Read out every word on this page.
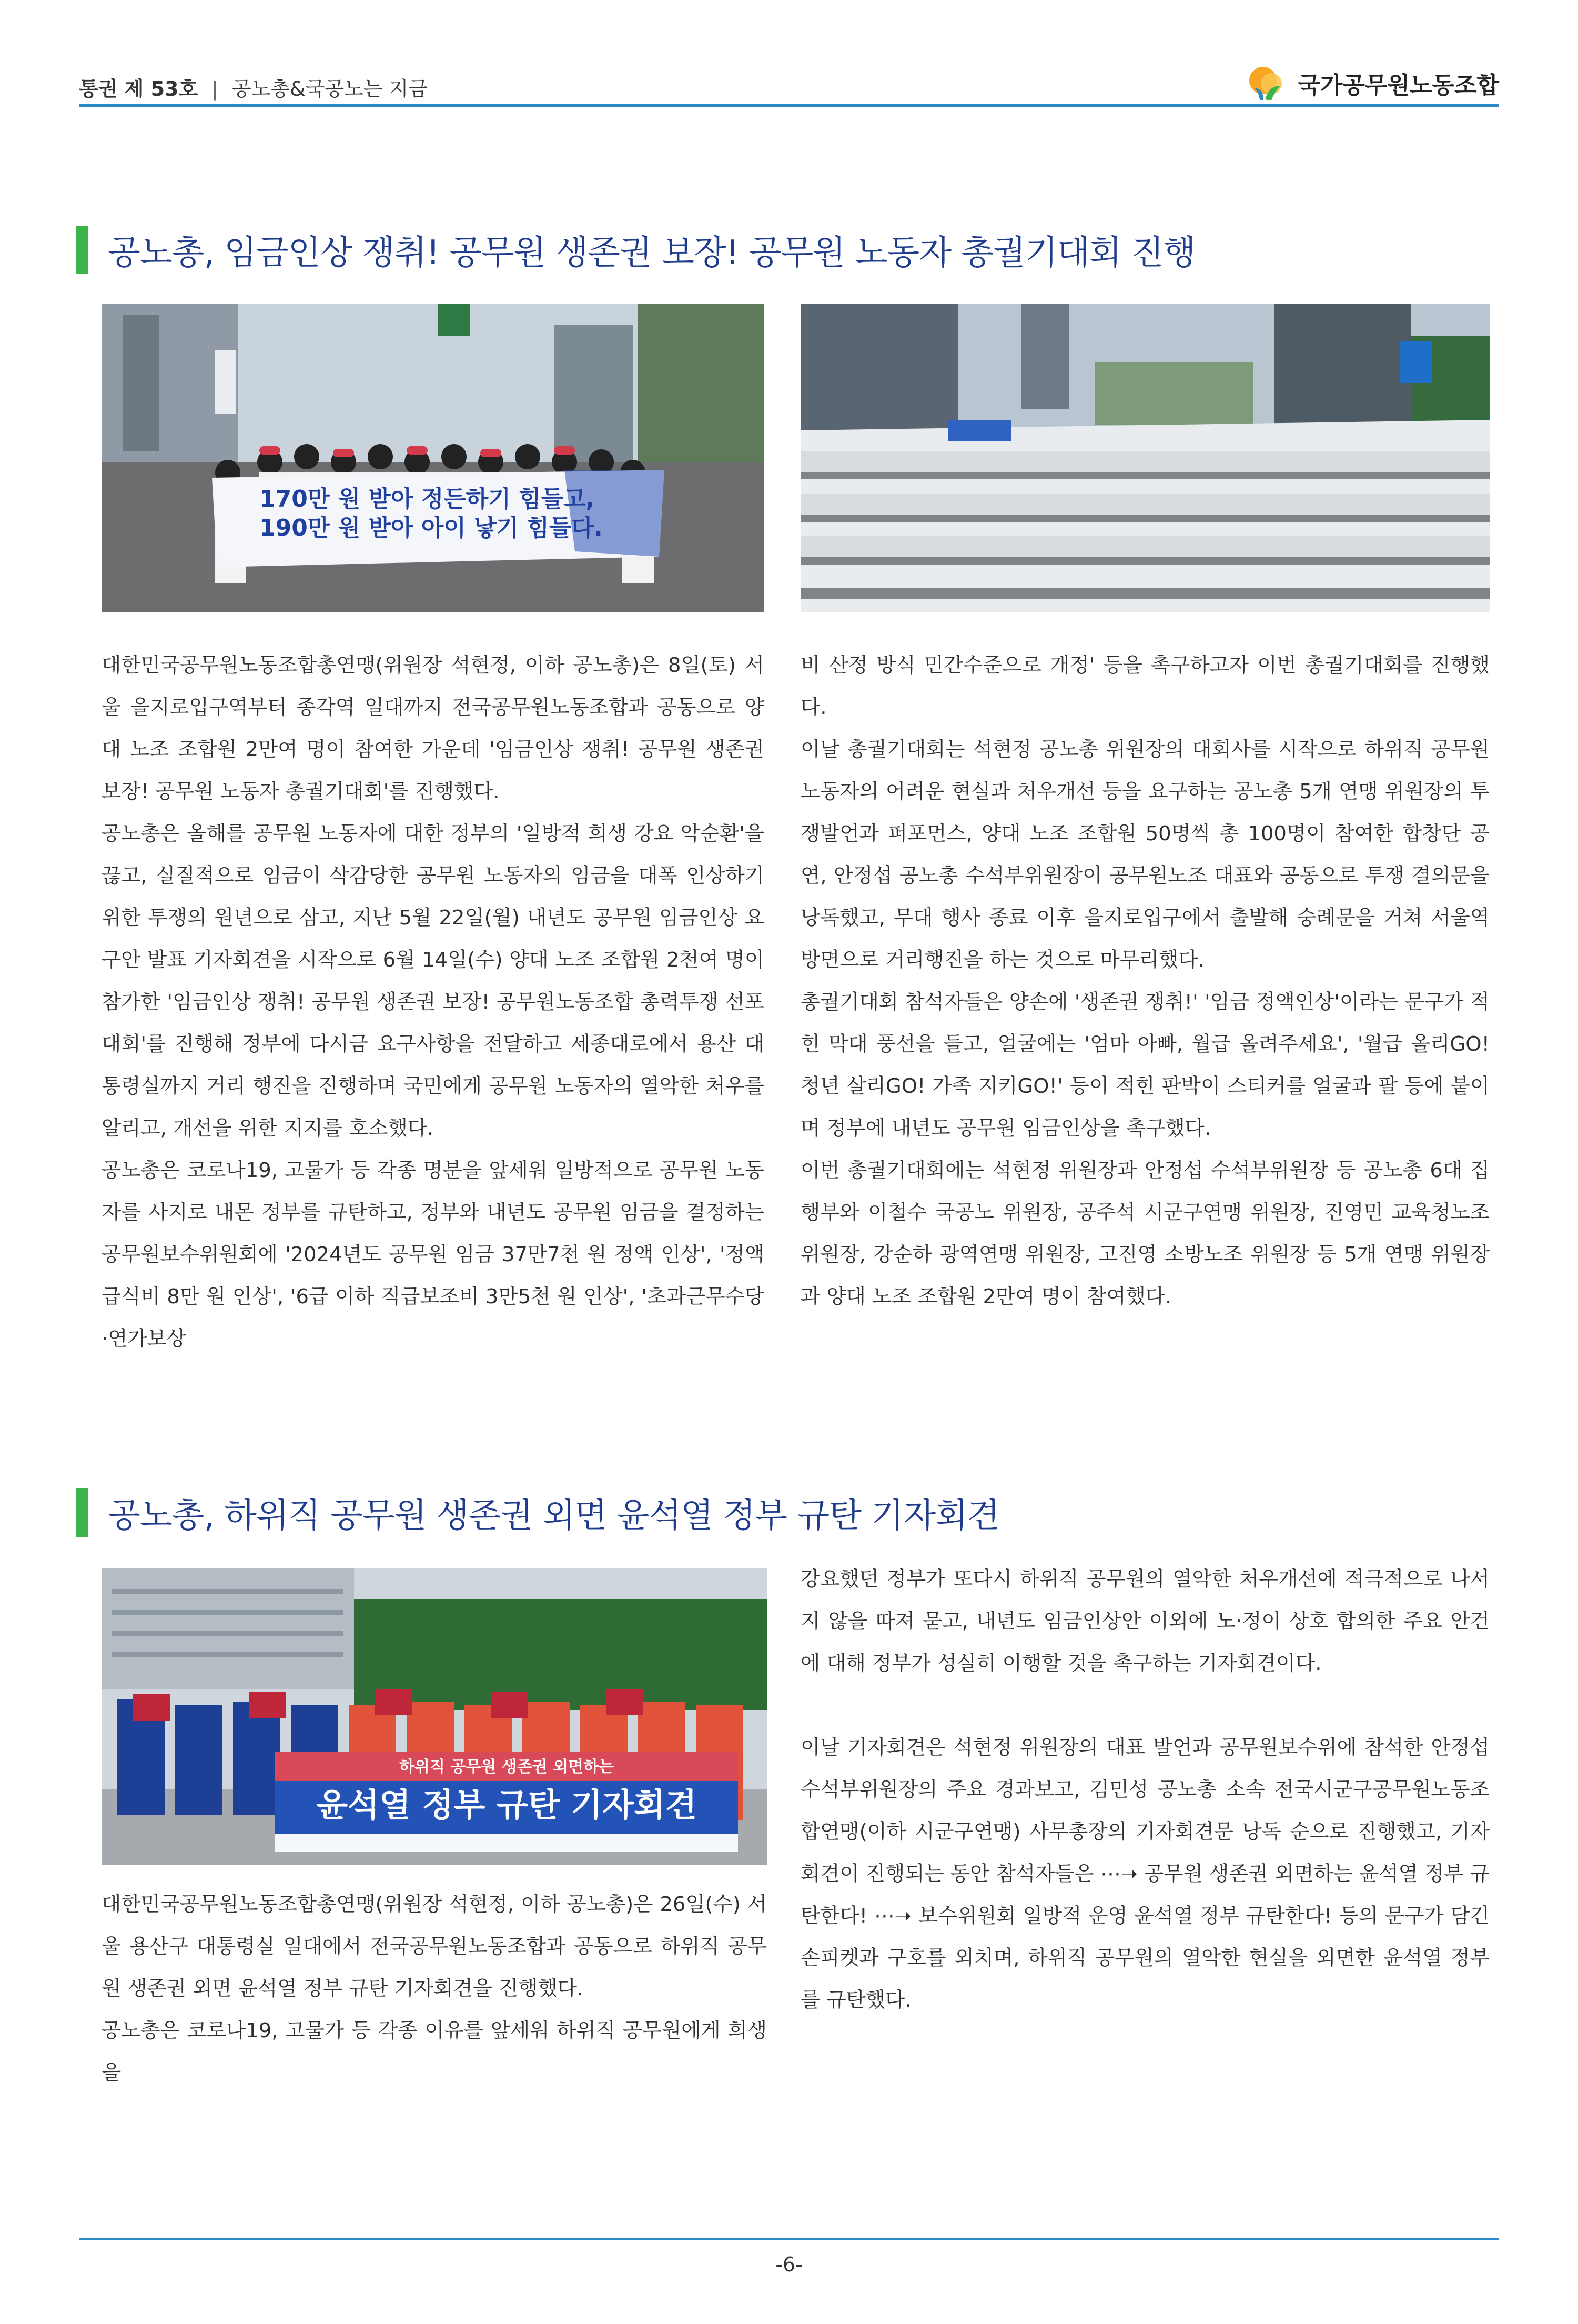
통권 제 53호 | 공노총&국공노는 지금	국가공무원노동조합
공노총, 임금인상 쟁취! 공무원 생존권 보장! 공무원 노동자 총궐기대회 진행
170만 원 받아 정든하기 힘들고,
190만 원 받아 아이 낳기 힘들다.

대한민국공무원노동조합총연맹(위원장 석현정, 이하 공노총)은 8일(토) 서울 을지로입구역부터 종각역 일대까지 전국공무원노동조합과 공동으로 양대 노조 조합원 2만여 명이 참여한 가운데 '임금인상 쟁취! 공무원 생존권 보장! 공무원 노동자 총궐기대회'를 진행했다.

공노총은 올해를 공무원 노동자에 대한 정부의 '일방적 희생 강요 악순환'을 끊고, 실질적으로 임금이 삭감당한 공무원 노동자의 임금을 대폭 인상하기 위한 투쟁의 원년으로 삼고, 지난 5월 22일(월) 내년도 공무원 임금인상 요구안 발표 기자회견을 시작으로 6월 14일(수) 양대 노조 조합원 2천여 명이 참가한 '임금인상 쟁취! 공무원 생존권 보장! 공무원노동조합 총력투쟁 선포대회'를 진행해 정부에 다시금 요구사항을 전달하고 세종대로에서 용산 대통령실까지 거리 행진을 진행하며 국민에게 공무원 노동자의 열악한 처우를 알리고, 개선을 위한 지지를 호소했다.

공노총은 코로나19, 고물가 등 각종 명분을 앞세워 일방적으로 공무원 노동자를 사지로 내몬 정부를 규탄하고, 정부와 내년도 공무원 임금을 결정하는 공무원보수위원회에 '2024년도 공무원 임금 37만7천 원 정액 인상', '정액급식비 8만 원 인상', '6급 이하 직급보조비 3만5천 원 인상', '초과근무수당·연가보상

비 산정 방식 민간수준으로 개정' 등을 촉구하고자 이번 총궐기대회를 진행했다.

이날 총궐기대회는 석현정 공노총 위원장의 대회사를 시작으로 하위직 공무원 노동자의 어려운 현실과 처우개선 등을 요구하는 공노총 5개 연맹 위원장의 투쟁발언과 퍼포먼스, 양대 노조 조합원 50명씩 총 100명이 참여한 합창단 공연, 안정섭 공노총 수석부위원장이 공무원노조 대표와 공동으로 투쟁 결의문을 낭독했고, 무대 행사 종료 이후 을지로입구에서 출발해 숭례문을 거쳐 서울역 방면으로 거리행진을 하는 것으로 마무리했다.

총궐기대회 참석자들은 양손에 '생존권 쟁취!' '임금 정액인상'이라는 문구가 적힌 막대 풍선을 들고, 얼굴에는 '엄마 아빠, 월급 올려주세요', '월급 올리GO! 청년 살리GO! 가족 지키GO!' 등이 적힌 판박이 스티커를 얼굴과 팔 등에 붙이며 정부에 내년도 공무원 임금인상을 촉구했다.

이번 총궐기대회에는 석현정 위원장과 안정섭 수석부위원장 등 공노총 6대 집행부와 이철수 국공노 위원장, 공주석 시군구연맹 위원장, 진영민 교육청노조 위원장, 강순하 광역연맹 위원장, 고진영 소방노조 위원장 등 5개 연맹 위원장과 양대 노조 조합원 2만여 명이 참여했다.

공노총, 하위직 공무원 생존권 외면 윤석열 정부 규탄 기자회견
하위직 공무원 생존권 외면하는
윤석열 정부 규탄 기자회견

대한민국공무원노동조합총연맹(위원장 석현정, 이하 공노총)은 26일(수) 서울 용산구 대통령실 일대에서 전국공무원노동조합과 공동으로 하위직 공무원 생존권 외면 윤석열 정부 규탄 기자회견을 진행했다.

공노총은 코로나19, 고물가 등 각종 이유를 앞세워 하위직 공무원에게 희생을

강요했던 정부가 또다시 하위직 공무원의 열악한 처우개선에 적극적으로 나서지 않을 따져 묻고, 내년도 임금인상안 이외에 노·정이 상호 합의한 주요 안건에 대해 정부가 성실히 이행할 것을 촉구하는 기자회견이다.

이날 기자회견은 석현정 위원장의 대표 발언과 공무원보수위에 참석한 안정섭 수석부위원장의 주요 경과보고, 김민성 공노총 소속 전국시군구공무원노동조합연맹(이하 시군구연맹) 사무총장의 기자회견문 낭독 순으로 진행했고, 기자회견이 진행되는 동안 참석자들은 ⋯➝ 공무원 생존권 외면하는 윤석열 정부 규탄한다! ⋯➝ 보수위원회 일방적 운영 윤석열 정부 규탄한다! 등의 문구가 담긴 손피켓과 구호를 외치며, 하위직 공무원의 열악한 현실을 외면한 윤석열 정부를 규탄했다.

-6-
